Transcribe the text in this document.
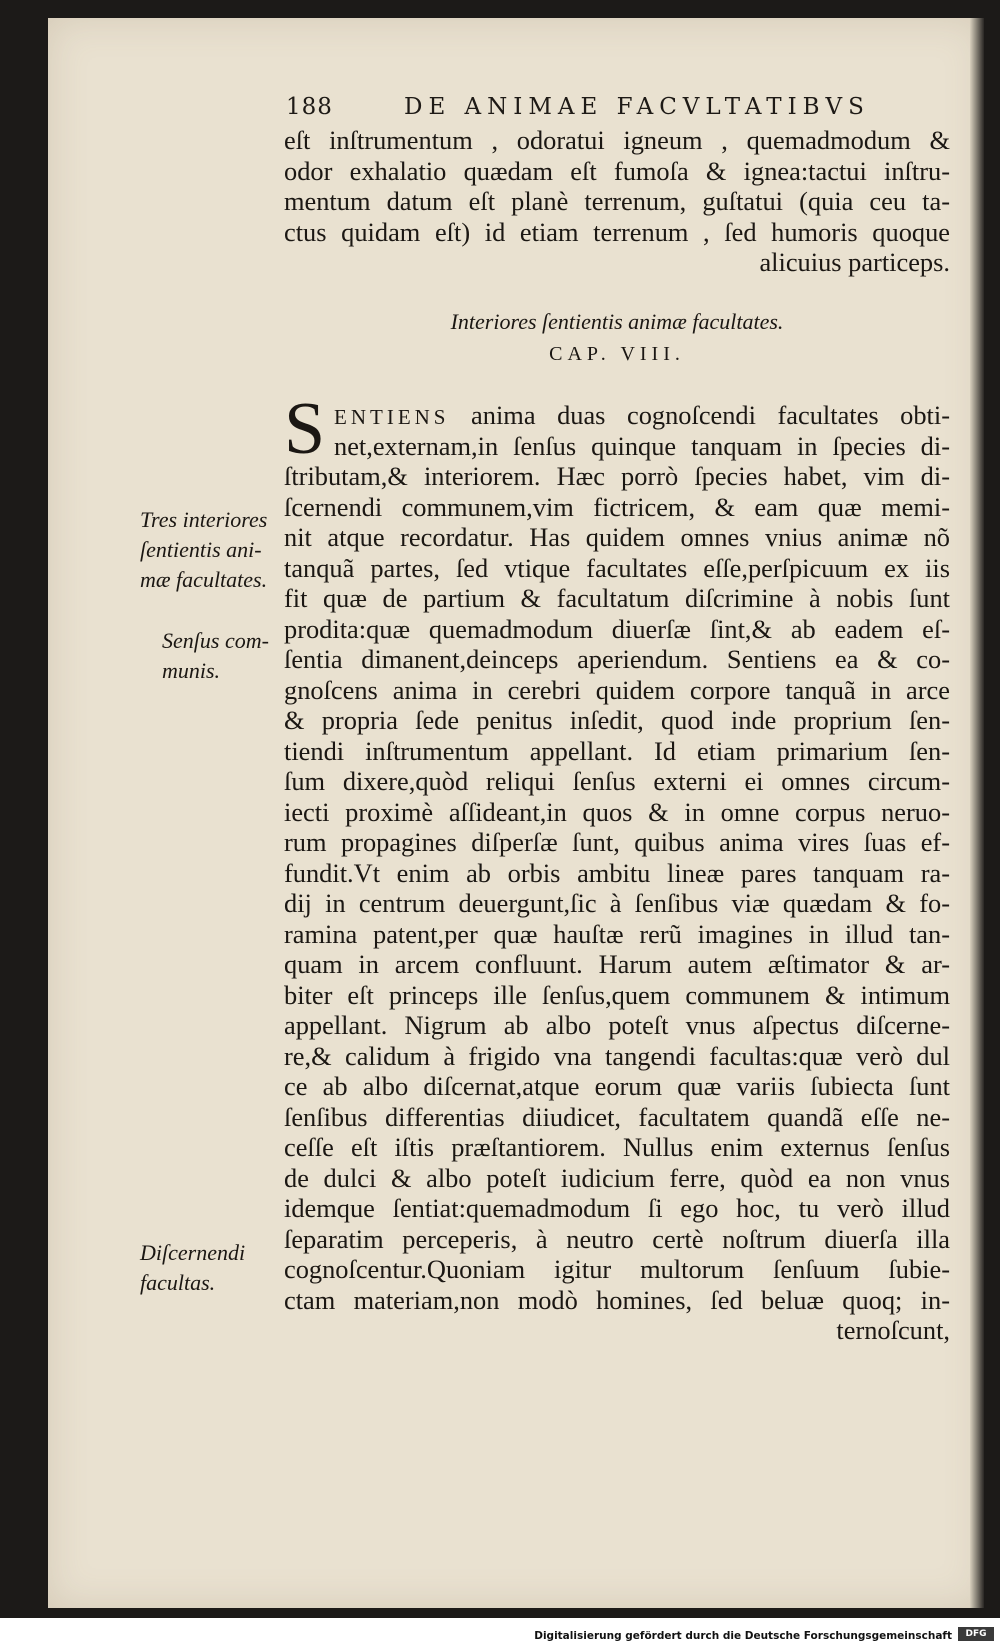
188	DE ANIMAE FACVLTATIBVS
eſt inſtrumentum , odoratui igneum , quemadmodum &
odor exhalatio quædam eſt fumoſa & ignea:tactui inſtru-
mentum datum eſt planè terrenum, guſtatui (quia ceu ta-
ctus quidam eſt) id etiam terrenum , ſed humoris quoque
alicuius particeps.
Interiores ſentientis animæ facultates.
CAP. VIII.
S ENTIENS anima duas cognoſcendi facultates obti-
net,externam,in ſenſus quinque tanquam in ſpecies di-
ſtributam,& interiorem. Hæc porrò ſpecies habet, vim di-
ſcernendi communem,vim fictricem, & eam quæ memi-
nit atque recordatur. Has quidem omnes vnius animæ nõ
tanquã partes, ſed vtique facultates eſſe,perſpicuum ex iis
fit quæ de partium & facultatum diſcrimine à nobis ſunt
prodita:quæ quemadmodum diuerſæ ſint,& ab eadem eſ-
ſentia dimanent,deinceps aperiendum. Sentiens ea & co-
gnoſcens anima in cerebri quidem corpore tanquã in arce
& propria ſede penitus inſedit, quod inde proprium ſen-
tiendi inſtrumentum appellant. Id etiam primarium ſen-
ſum dixere,quòd reliqui ſenſus externi ei omnes circum-
iecti proximè aſſideant,in quos & in omne corpus neruo-
rum propagines diſperſæ ſunt, quibus anima vires ſuas ef-
fundit.Vt enim ab orbis ambitu lineæ pares tanquam ra-
dij in centrum deuergunt,ſic à ſenſibus viæ quædam & fo-
ramina patent,per quæ hauſtæ rerũ imagines in illud tan-
quam in arcem confluunt. Harum autem æſtimator & ar-
biter eſt princeps ille ſenſus,quem communem & intimum
appellant. Nigrum ab albo poteſt vnus aſpectus diſcerne-
re,& calidum à frigido vna tangendi facultas:quæ verò dul
ce ab albo diſcernat,atque eorum quæ variis ſubiecta ſunt
ſenſibus differentias diiudicet, facultatem quandã eſſe ne-
ceſſe eſt iſtis præſtantiorem. Nullus enim externus ſenſus
de dulci & albo poteſt iudicium ferre, quòd ea non vnus
idemque ſentiat:quemadmodum ſi ego hoc, tu verò illud
ſeparatim perceperis, à neutro certè noſtrum diuerſa illa
cognoſcentur.Quoniam igitur multorum ſenſuum ſubie-
ctam materiam,non modò homines, ſed beluæ quoq; in-
ternoſcunt,
Tres interiores
ſentientis ani-
mæ facultates.
Senſus com-
munis.
Diſcernendi
facultas.
Digitalisierung gefördert durch die Deutsche Forschungsgemeinschaft	DFG
